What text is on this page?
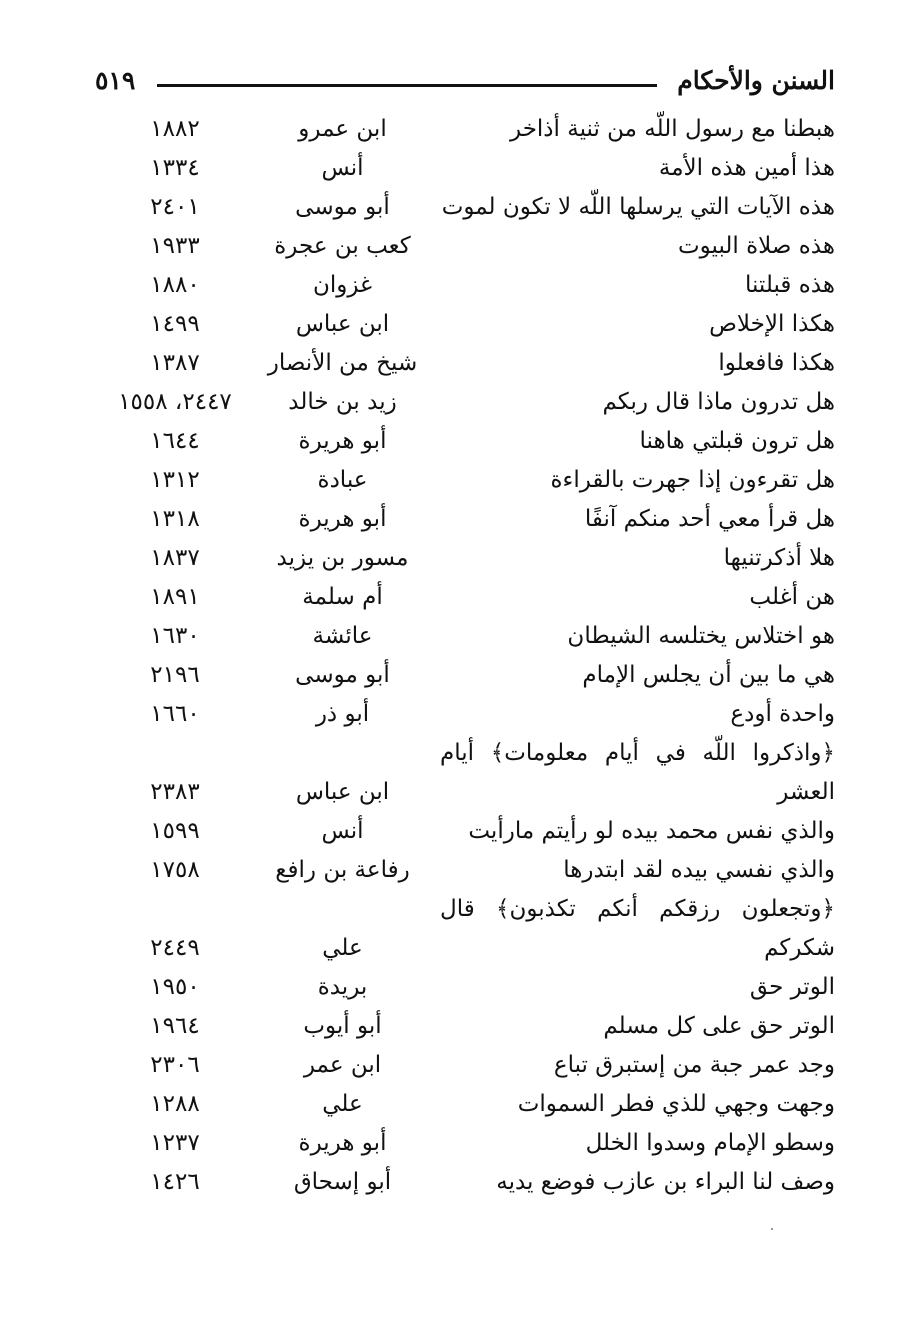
السنن والأحكام
٥١٩
هبطنا مع رسول اللّه من ثنية أذاخر
ابن عمرو
١٨٨٢
هذا أمين هذه الأمة
أنس
١٣٣٤
هذه الآيات التي يرسلها اللّه لا تكون لموت
أبو موسى
٢٤٠١
هذه صلاة البيوت
كعب بن عجرة
١٩٣٣
هذه قبلتنا
غزوان
١٨٨٠
هكذا الإخلاص
ابن عباس
١٤٩٩
هكذا فافعلوا
شيخ من الأنصار
١٣٨٧
هل تدرون ماذا قال ربكم
زيد بن خالد
٢٤٤٧، ١٥٥٨
هل ترون قبلتي هاهنا
أبو هريرة
١٦٤٤
هل تقرءون إذا جهرت بالقراءة
عبادة
١٣١٢
هل قرأ معي أحد منكم آنفًا
أبو هريرة
١٣١٨
هلا أذكرتنيها
مسور بن يزيد
١٨٣٧
هن أغلب
أم سلمة
١٨٩١
هو اختلاس يختلسه الشيطان
عائشة
١٦٣٠
هي ما بين أن يجلس الإمام
أبو موسى
٢١٩٦
واحدة أودع
أبو ذر
١٦٦٠
﴿واذكروا اللّه في أيام معلومات﴾ أيام العشر
ابن عباس
٢٣٨٣
والذي نفس محمد بيده لو رأيتم مارأيت
أنس
١٥٩٩
والذي نفسي بيده لقد ابتدرها
رفاعة بن رافع
١٧٥٨
﴿وتجعلون رزقكم أنكم تكذبون﴾ قال شكركم
علي
٢٤٤٩
الوتر حق
بريدة
١٩٥٠
الوتر حق على كل مسلم
أبو أيوب
١٩٦٤
وجد عمر جبة من إستبرق تباع
ابن عمر
٢٣٠٦
وجهت وجهي للذي فطر السموات
علي
١٢٨٨
وسطو الإمام وسدوا الخلل
أبو هريرة
١٢٣٧
وصف لنا البراء بن عازب فوضع يديه
أبو إسحاق
١٤٢٦
